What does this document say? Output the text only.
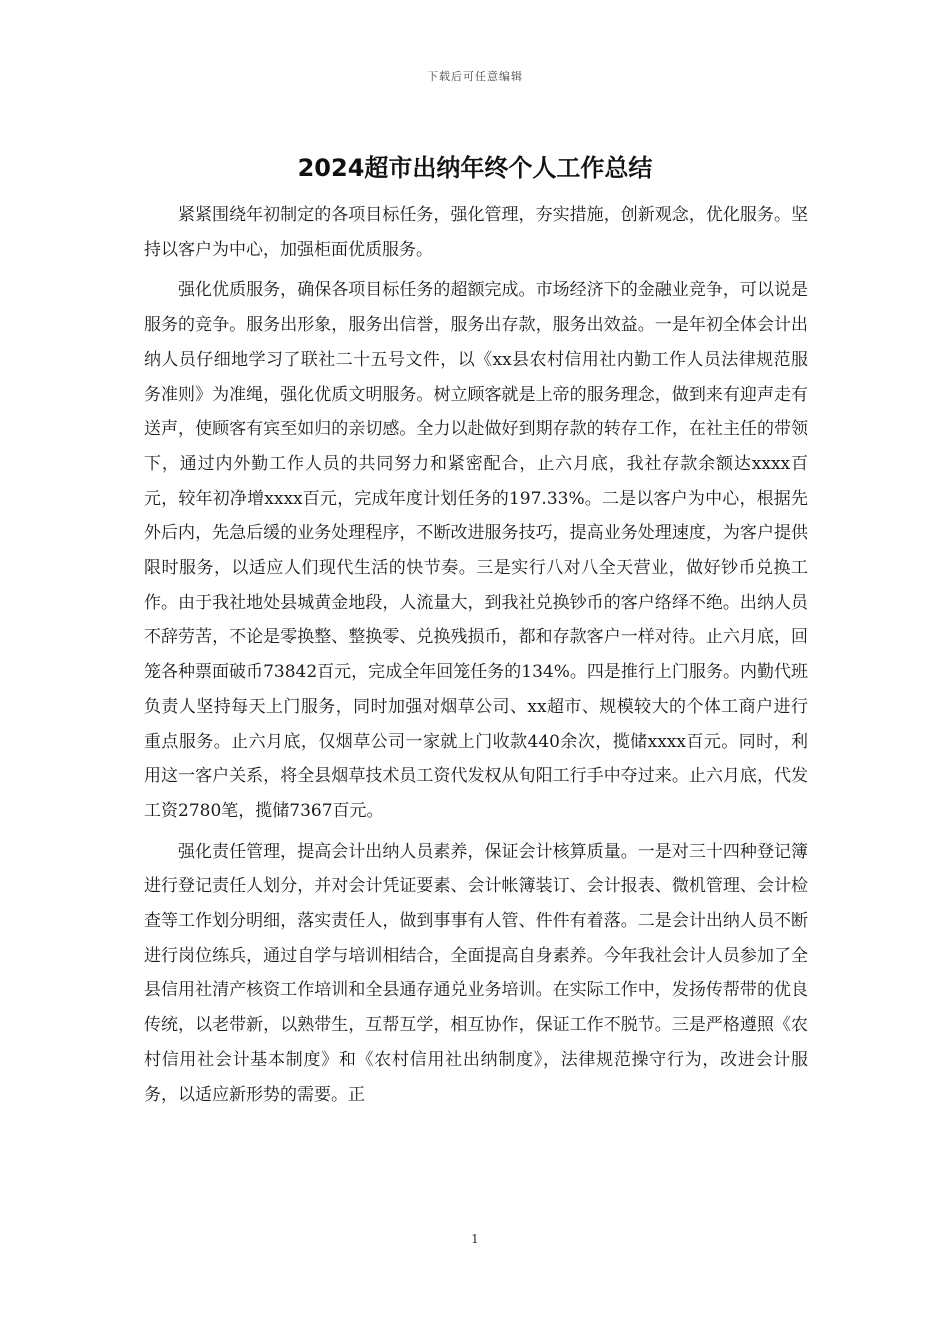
下载后可任意编辑
2024超市出纳年终个人工作总结

紧紧围绕年初制定的各项目标任务，强化管理，夯实措施，创新观念，优化服务。坚持以客户为中心，加强柜面优质服务。

强化优质服务，确保各项目标任务的超额完成。市场经济下的金融业竞争，可以说是服务的竞争。服务出形象，服务出信誉，服务出存款，服务出效益。一是年初全体会计出纳人员仔细地学习了联社二十五号文件，以《xx县农村信用社内勤工作人员法律规范服务准则》为准绳，强化优质文明服务。树立顾客就是上帝的服务理念，做到来有迎声走有送声，使顾客有宾至如归的亲切感。全力以赴做好到期存款的转存工作，在社主任的带领下，通过内外勤工作人员的共同努力和紧密配合，止六月底，我社存款余额达xxxx百元，较年初净增xxxx百元，完成年度计划任务的197.33%。二是以客户为中心，根据先外后内，先急后缓的业务处理程序，不断改进服务技巧，提高业务处理速度，为客户提供限时服务，以适应人们现代生活的快节奏。三是实行八对八全天营业，做好钞币兑换工作。由于我社地处县城黄金地段，人流量大，到我社兑换钞币的客户络绎不绝。出纳人员不辞劳苦，不论是零换整、整换零、兑换残损币，都和存款客户一样对待。止六月底，回笼各种票面破币73842百元，完成全年回笼任务的134%。四是推行上门服务。内勤代班负责人坚持每天上门服务，同时加强对烟草公司、xx超市、规模较大的个体工商户进行重点服务。止六月底，仅烟草公司一家就上门收款440余次，揽储xxxx百元。同时，利用这一客户关系，将全县烟草技术员工资代发权从旬阳工行手中夺过来。止六月底，代发工资2780笔，揽储7367百元。

强化责任管理，提高会计出纳人员素养，保证会计核算质量。一是对三十四种登记簿进行登记责任人划分，并对会计凭证要素、会计帐簿装订、会计报表、微机管理、会计检查等工作划分明细，落实责任人，做到事事有人管、件件有着落。二是会计出纳人员不断进行岗位练兵，通过自学与培训相结合，全面提高自身素养。今年我社会计人员参加了全县信用社清产核资工作培训和全县通存通兑业务培训。在实际工作中，发扬传帮带的优良传统，以老带新，以熟带生，互帮互学，相互协作，保证工作不脱节。三是严格遵照《农村信用社会计基本制度》和《农村信用社出纳制度》，法律规范操守行为，改进会计服务，以适应新形势的需要。正

1
